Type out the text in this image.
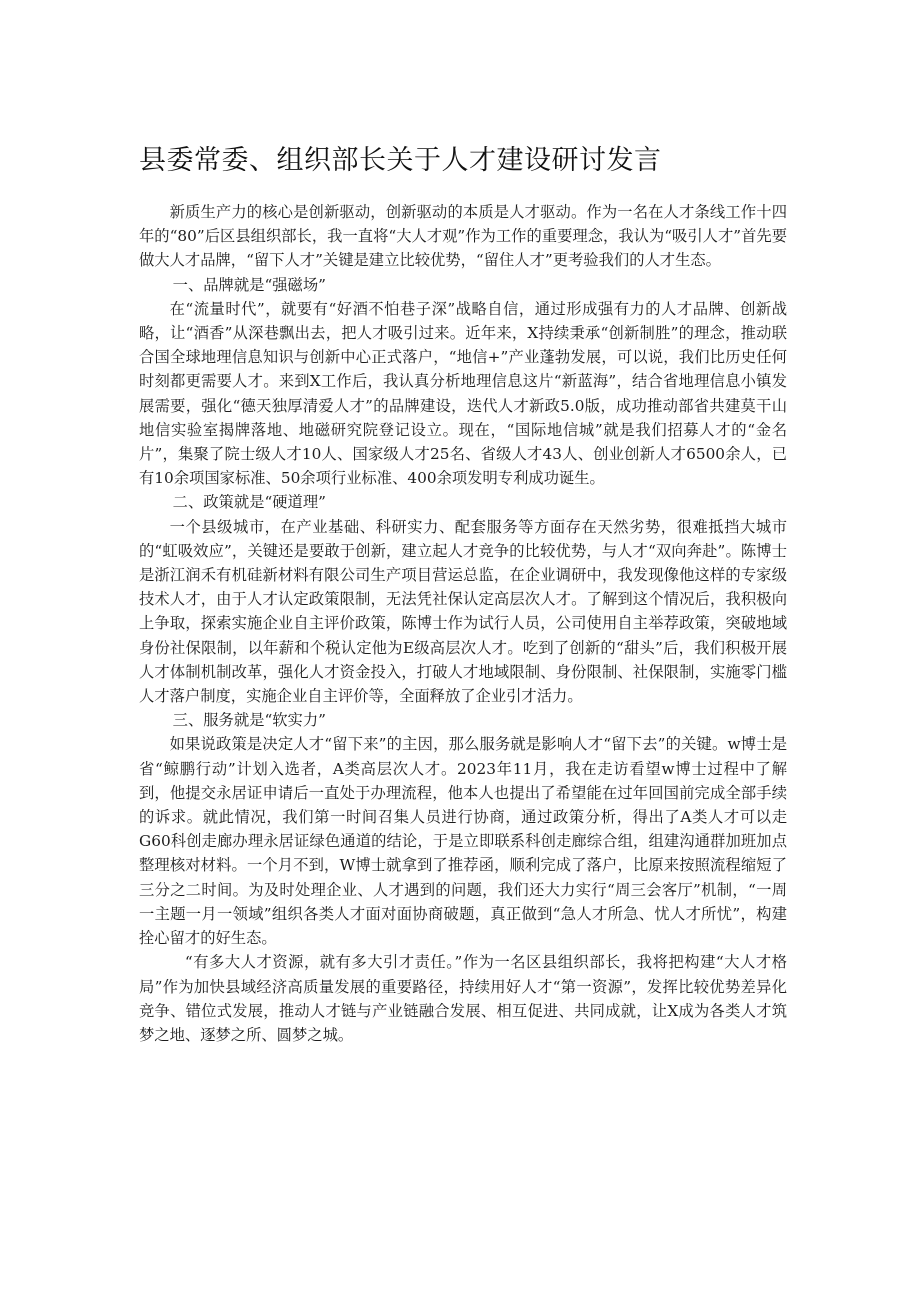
县委常委、组织部长关于人才建设研讨发言

新质生产力的核心是创新驱动，创新驱动的本质是人才驱动。作为一名在人才条线工作十四年的“80”后区县组织部长，我一直将“大人才观”作为工作的重要理念，我认为“吸引人才”首先要做大人才品牌，“留下人才”关键是建立比较优势，“留住人才”更考验我们的人才生态。

一、品牌就是“强磁场”

在“流量时代”，就要有“好酒不怕巷子深”战略自信，通过形成强有力的人才品牌、创新战略，让“酒香”从深巷飘出去，把人才吸引过来。近年来，X持续秉承“创新制胜”的理念，推动联合国全球地理信息知识与创新中心正式落户，“地信+”产业蓬勃发展，可以说，我们比历史任何时刻都更需要人才。来到X工作后，我认真分析地理信息这片“新蓝海”，结合省地理信息小镇发展需要，强化“德天独厚清爱人才”的品牌建设，迭代人才新政5.0版，成功推动部省共建莫干山地信实验室揭牌落地、地磁研究院登记设立。现在，“国际地信城”就是我们招募人才的“金名片”，集聚了院士级人才10人、国家级人才25名、省级人才43人、创业创新人才6500余人，已有10余项国家标准、50余项行业标准、400余项发明专利成功诞生。

二、政策就是“硬道理”

一个县级城市，在产业基础、科研实力、配套服务等方面存在天然劣势，很难抵挡大城市的“虹吸效应”，关键还是要敢于创新，建立起人才竞争的比较优势，与人才“双向奔赴”。陈博士是浙江润禾有机硅新材料有限公司生产项目营运总监，在企业调研中，我发现像他这样的专家级技术人才，由于人才认定政策限制，无法凭社保认定高层次人才。了解到这个情况后，我积极向上争取，探索实施企业自主评价政策，陈博士作为试行人员，公司使用自主举荐政策，突破地域身份社保限制，以年薪和个税认定他为E级高层次人才。吃到了创新的“甜头”后，我们积极开展人才体制机制改革，强化人才资金投入，打破人才地域限制、身份限制、社保限制，实施零门槛人才落户制度，实施企业自主评价等，全面释放了企业引才活力。

三、服务就是“软实力”

如果说政策是决定人才“留下来”的主因，那么服务就是影响人才“留下去”的关键。w博士是省“鲸鹏行动”计划入选者，A类高层次人才。2023年11月，我在走访看望w博士过程中了解到，他提交永居证申请后一直处于办理流程，他本人也提出了希望能在过年回国前完成全部手续的诉求。就此情况，我们第一时间召集人员进行协商，通过政策分析，得出了A类人才可以走G60科创走廊办理永居证绿色通道的结论，于是立即联系科创走廊综合组，组建沟通群加班加点整理核对材料。一个月不到，W博士就拿到了推荐函，顺利完成了落户，比原来按照流程缩短了三分之二时间。为及时处理企业、人才遇到的问题，我们还大力实行“周三会客厅”机制，“一周一主题一月一领域”组织各类人才面对面协商破题，真正做到“急人才所急、忧人才所忧”，构建拴心留才的好生态。

“有多大人才资源，就有多大引才责任。”作为一名区县组织部长，我将把构建“大人才格局”作为加快县域经济高质量发展的重要路径，持续用好人才“第一资源”，发挥比较优势差异化竞争、错位式发展，推动人才链与产业链融合发展、相互促进、共同成就，让X成为各类人才筑梦之地、逐梦之所、圆梦之城。
